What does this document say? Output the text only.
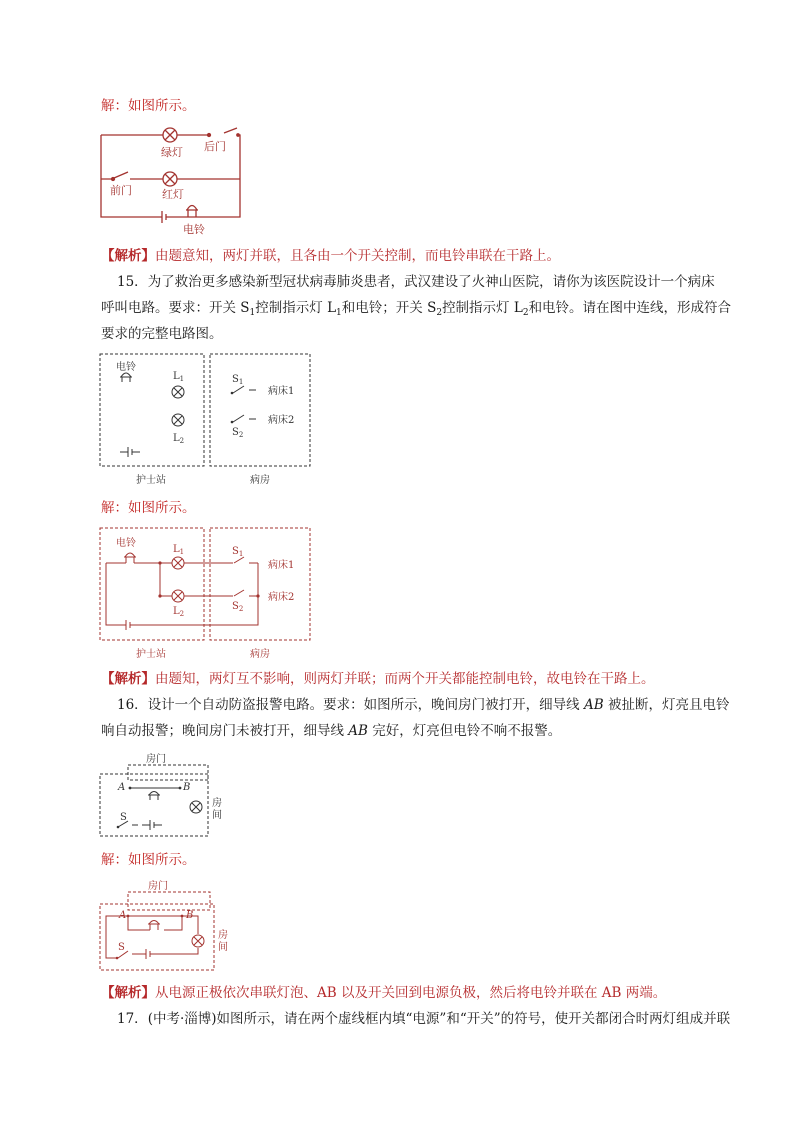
解：如图所示。
绿灯 后门
前门	红灯
电铃
【解析】由题意知，两灯并联，且各由一个开关控制，而电铃串联在干路上。
15．为了救治更多感染新型冠状病毒肺炎患者，武汉建设了火神山医院，请你为该医院设计一个病床
呼叫电路。要求：开关 $S_1$控制指示灯 $L_1$和电铃；开关 $S_2$控制指示灯 $L_2$和电铃。请在图中连线，形成符合
要求的完整电路图。
电铃
$L_1$
$L_2$
$S_1$
$S_2$
病床1
病床2
护士站	病房
解：如图所示。
电铃
$L_1$
$L_2$
$S_1$
$S_2$
病床1
病床2
护士站	病房
【解析】由题知，两灯互不影响，则两灯并联；而两个开关都能控制电铃，故电铃在干路上。
16．设计一个自动防盗报警电路。要求：如图所示，晚间房门被打开，细导线 AB 被扯断，灯亮且电铃
响自动报警；晚间房门未被打开，细导线 AB 完好，灯亮但电铃不响不报警。
房门
A	B
S
房
间
解：如图所示。
房门
A	B
S
房
间
【解析】从电源正极依次串联灯泡、AB 以及开关回到电源负极，然后将电铃并联在 AB 两端。
17．(中考·淄博)如图所示，请在两个虚线框内填“电源”和“开关”的符号，使开关都闭合时两灯组成并联
